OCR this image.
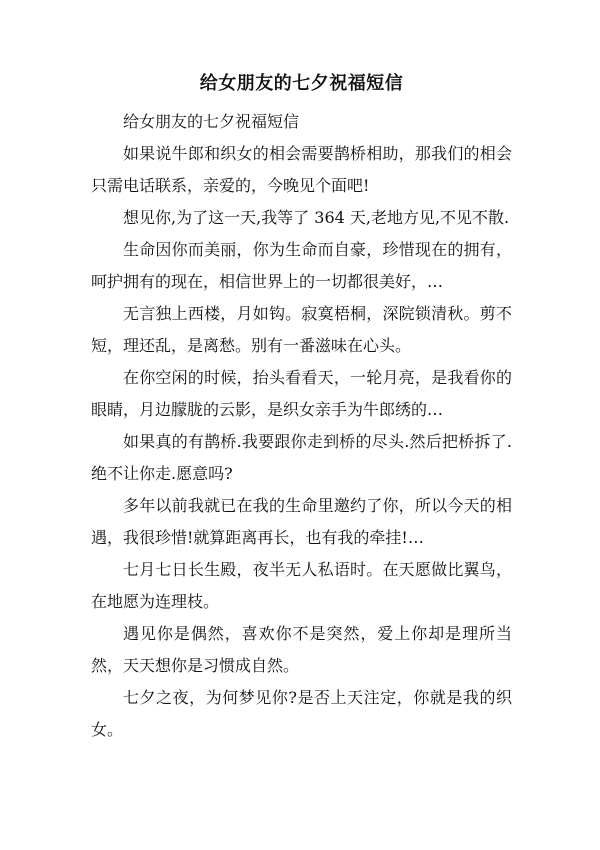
给女朋友的七夕祝福短信

给女朋友的七夕祝福短信

如果说牛郎和织女的相会需要鹊桥相助，那我们的相会只需电话联系，亲爱的，今晚见个面吧!

想见你,为了这一天,我等了 364 天,老地方见,不见不散.

生命因你而美丽，你为生命而自豪，珍惜现在的拥有，呵护拥有的现在，相信世界上的一切都很美好，…

无言独上西楼，月如钩。寂寞梧桐，深院锁清秋。剪不短，理还乱，是离愁。别有一番滋味在心头。

在你空闲的时候，抬头看看天，一轮月亮，是我看你的眼睛，月边朦胧的云影，是织女亲手为牛郎绣的…

如果真的有鹊桥.我要跟你走到桥的尽头.然后把桥拆了.绝不让你走.愿意吗?

多年以前我就已在我的生命里邀约了你，所以今天的相遇，我很珍惜!就算距离再长，也有我的牵挂!…

七月七日长生殿，夜半无人私语时。在天愿做比翼鸟，在地愿为连理枝。

遇见你是偶然，喜欢你不是突然，爱上你却是理所当然，天天想你是习惯成自然。

七夕之夜，为何梦见你?是否上天注定，你就是我的织女。
